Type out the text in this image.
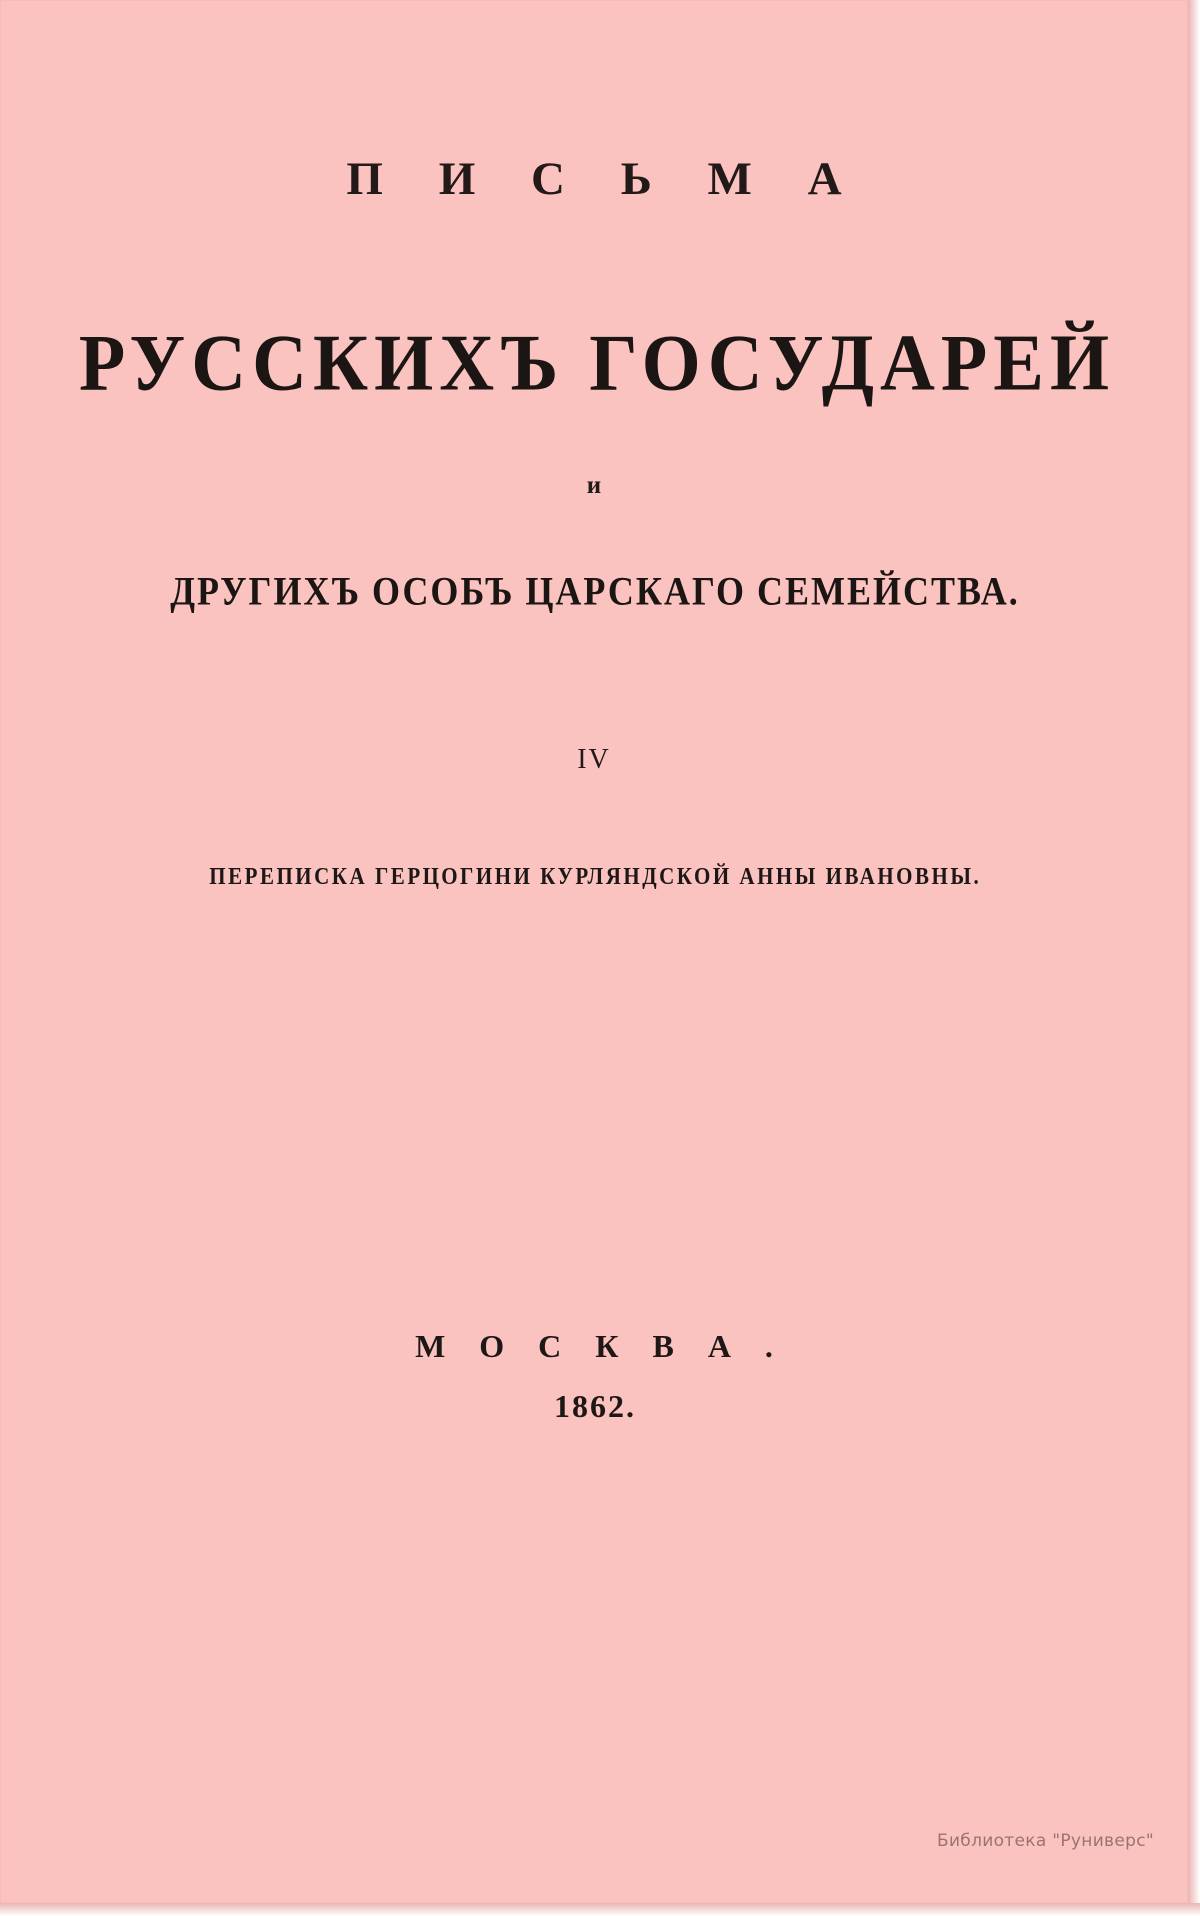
П И С Ь М А
РУССКИХЪ ГОСУДАРЕЙ
и
ДРУГИХЪ ОСОБЪ ЦАРСКАГО СЕМЕЙСТВА.
IV
ПЕРЕПИСКА ГЕРЦОГИНИ КУРЛЯНДСКОЙ АННЫ ИВАНОВНЫ.
М О С К В А .
1862.
Библиотека "Руниверс"
